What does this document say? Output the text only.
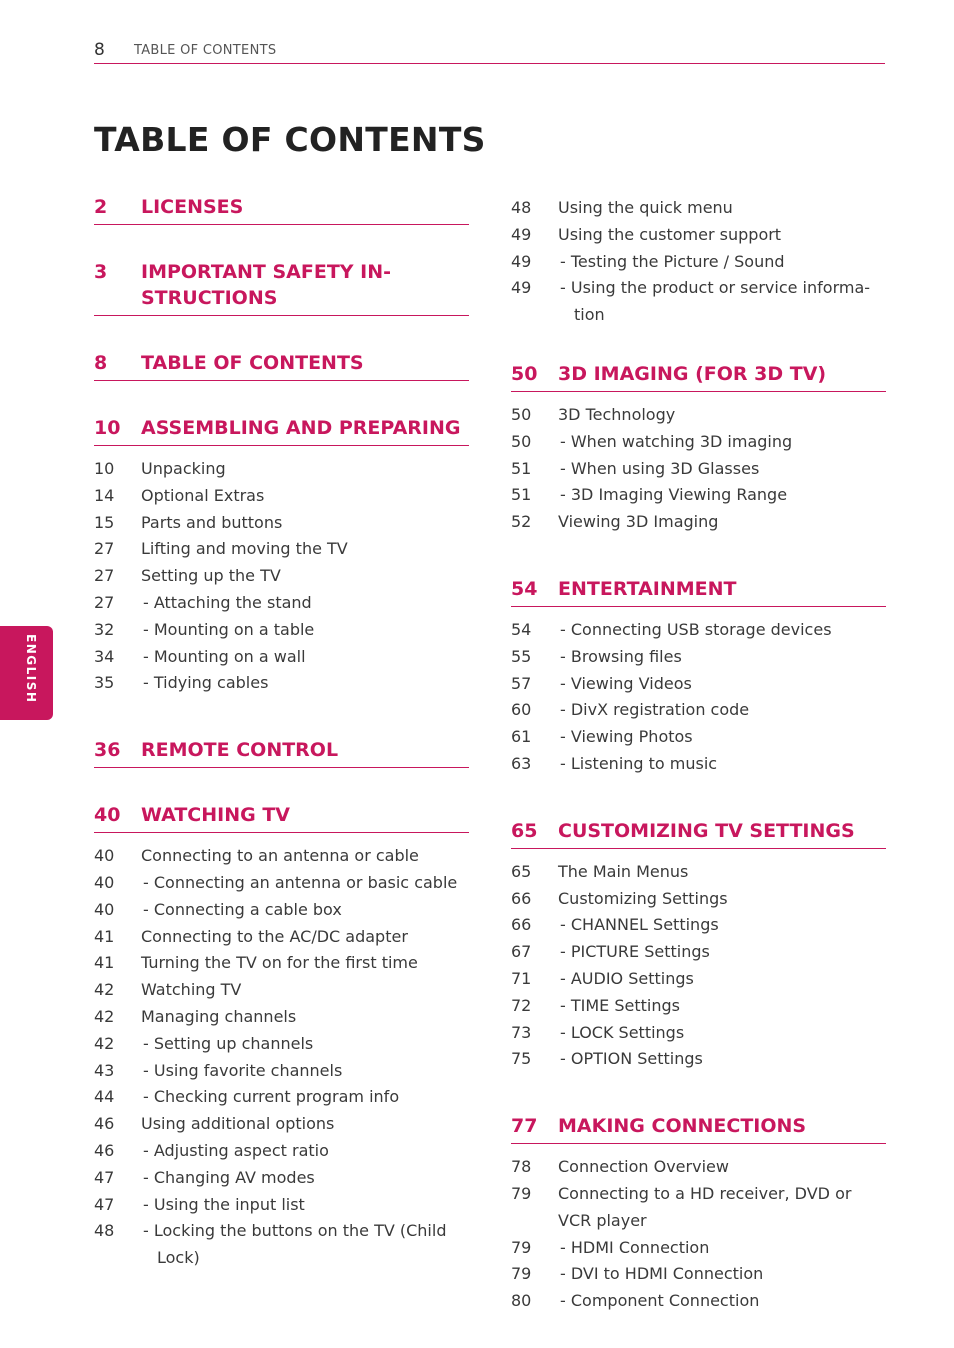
8 TABLE OF CONTENTS
TABLE OF CONTENTS
ENGLISH
2	LICENSES
3	IMPORTANT SAFETY IN-
STRUCTIONS
8	TABLE OF CONTENTS
10	ASSEMBLING AND PREPARING
10	Unpacking
14	Optional Extras
15	Parts and buttons
27	Lifting and moving the TV
27	Setting up the TV
27	- Attaching the stand
32	- Mounting on a table
34	- Mounting on a wall
35	- Tidying cables
36	REMOTE CONTROL
40	WATCHING TV
40	Connecting to an antenna or cable
40	- Connecting an antenna or basic cable
40	- Connecting a cable box
41	Connecting to the AC/DC adapter
41	Turning the TV on for the first time
42	Watching TV
42	Managing channels
42	- Setting up channels
43	- Using favorite channels
44	- Checking current program info
46	Using additional options
46	- Adjusting aspect ratio
47	- Changing AV modes
47	- Using the input list
48	- Locking the buttons on the TV (Child Lock)
48	Using the quick menu
49	Using the customer support
49	- Testing the Picture / Sound
49	- Using the product or service informa-tion
50	3D IMAGING (FOR 3D TV)
50	3D Technology
50	- When watching 3D imaging
51	- When using 3D Glasses
51	- 3D Imaging Viewing Range
52	Viewing 3D Imaging
54	ENTERTAINMENT
54	- Connecting USB storage devices
55	- Browsing files
57	- Viewing Videos
60	- DivX registration code
61	- Viewing Photos
63	- Listening to music
65	CUSTOMIZING TV SETTINGS
65	The Main Menus
66	Customizing Settings
66	- CHANNEL Settings
67	- PICTURE Settings
71	- AUDIO Settings
72	- TIME Settings
73	- LOCK Settings
75	- OPTION Settings
77	MAKING CONNECTIONS
78	Connection Overview
79	Connecting to a HD receiver, DVD or VCR player
79	- HDMI Connection
79	- DVI to HDMI Connection
80	- Component Connection
